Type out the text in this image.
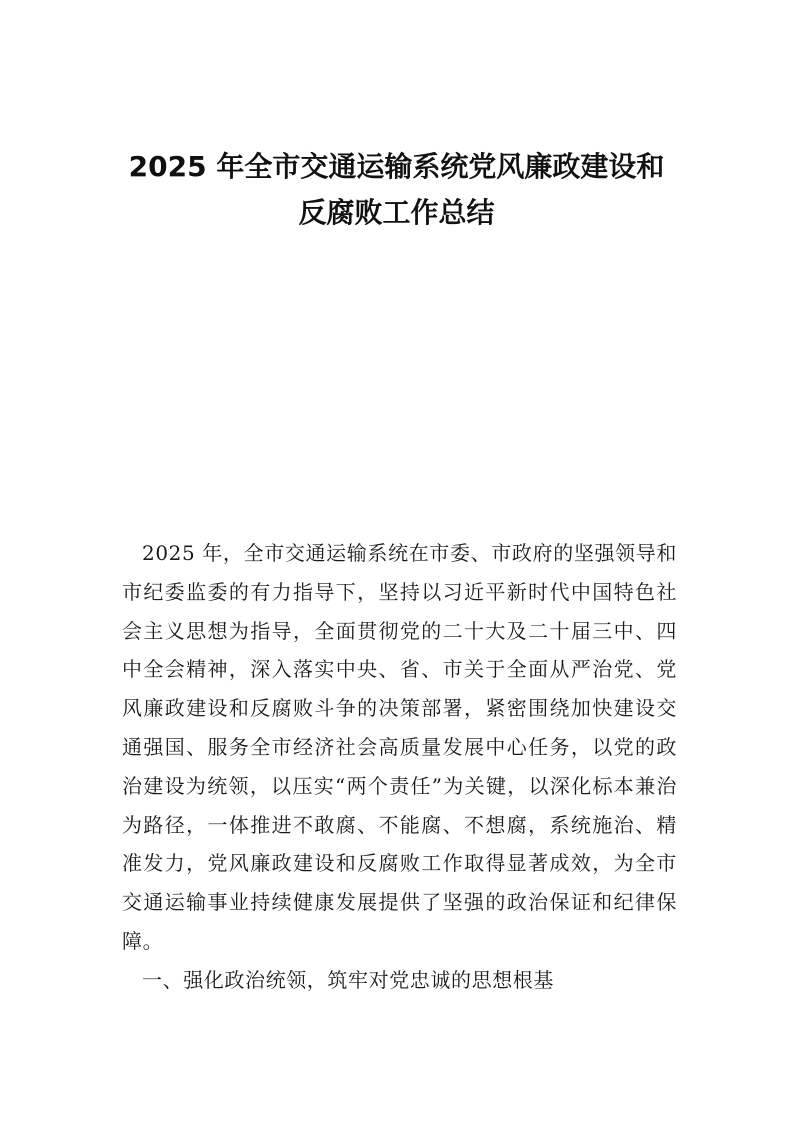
2025 年全市交通运输系统党风廉政建设和
反腐败工作总结

2025 年，全市交通运输系统在市委、市政府的坚强领导和市纪委监委的有力指导下，坚持以习近平新时代中国特色社会主义思想为指导，全面贯彻党的二十大及二十届三中、四中全会精神，深入落实中央、省、市关于全面从严治党、党风廉政建设和反腐败斗争的决策部署，紧密围绕加快建设交通强国、服务全市经济社会高质量发展中心任务，以党的政治建设为统领，以压实“两个责任”为关键，以深化标本兼治为路径，一体推进不敢腐、不能腐、不想腐，系统施治、精准发力，党风廉政建设和反腐败工作取得显著成效，为全市交通运输事业持续健康发展提供了坚强的政治保证和纪律保障。

一、强化政治统领，筑牢对党忠诚的思想根基
